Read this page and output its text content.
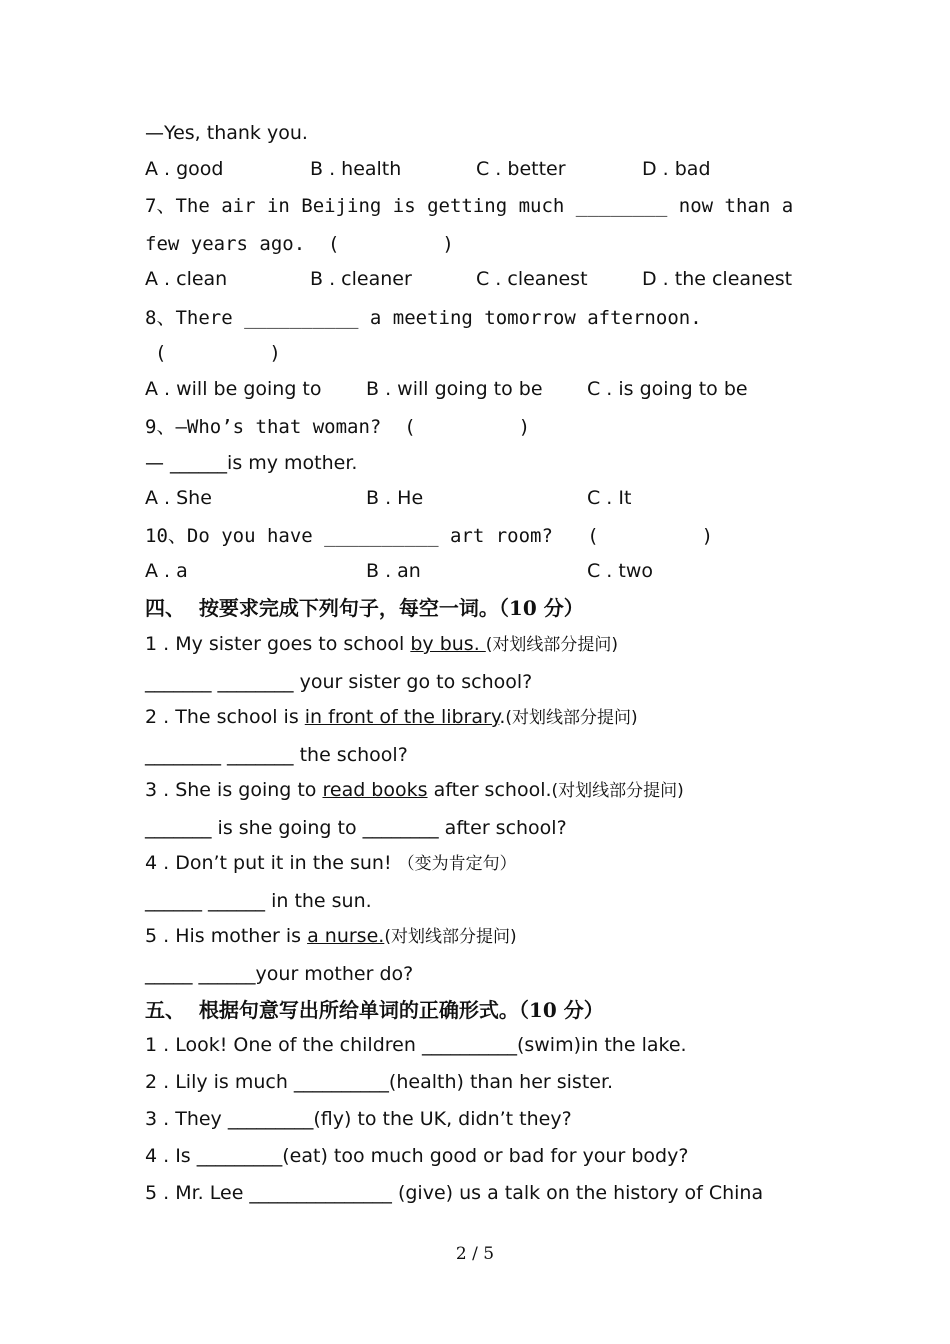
—Yes, thank you.
A . good	B . health	C . better	D . bad
7、The air in Beijing is getting much ________ now than a
few years ago.  (         )
A . clean	B . cleaner	C . cleanest	D . the cleanest
8、There __________ a meeting tomorrow afternoon.
(         )
A . will be going to B . will going to be C . is going to be
9、—Who’s that woman?  (         )
— ______is my mother.
A . She	B . He	C . It
10、Do you have __________ art room?   (         )
A . a	B . an	C . two
四、  按要求完成下列句子，每空一词。（10 分）
1 . My sister goes to school by bus. (对划线部分提问)
_______ ________ your sister go to school?
2 . The school is in front of the library.(对划线部分提问)
________ _______ the school?
3 . She is going to read books after school.(对划线部分提问)
_______ is she going to ________ after school?
4 . Don’t put it in the sun! （变为肯定句）
______ ______ in the sun.
5 . His mother is a nurse.(对划线部分提问)
_____ ______your mother do?
五、  根据句意写出所给单词的正确形式。（10 分）
1 . Look! One of the children __________(swim)in the lake.
2 . Lily is much __________(health) than her sister.
3 . They _________(fly) to the UK, didn’t they?
4 . Is _________(eat) too much good or bad for your body?
5 . Mr. Lee _______________ (give) us a talk on the history of China
2 / 5
